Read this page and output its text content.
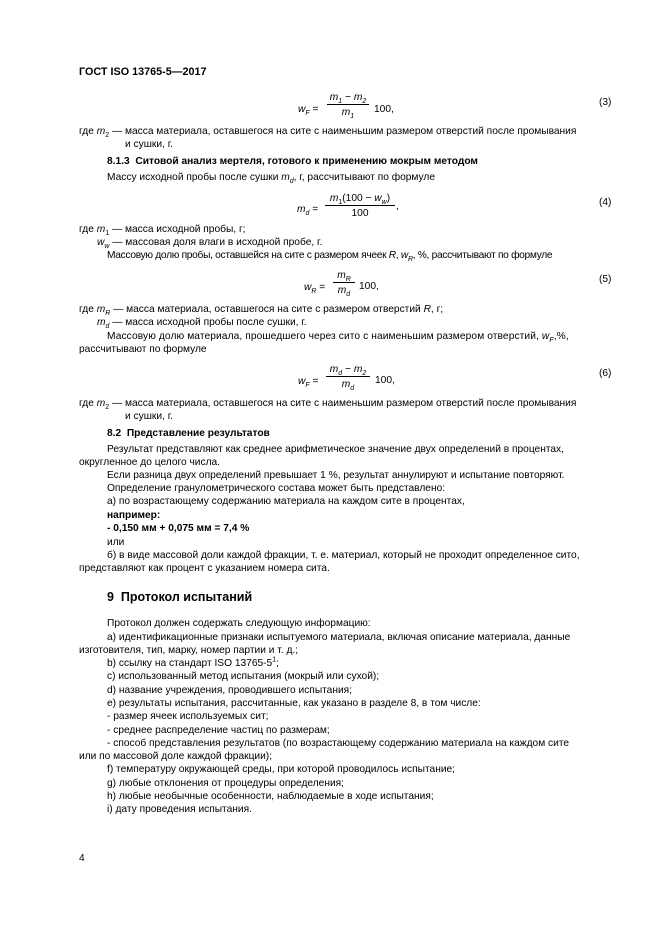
ГОСТ ISO 13765-5—2017
$w_F$ =
$m_1 - m_2$
$m_1$
100,
(3)
где $m_2$ — масса материала, оставшегося на сите с наименьшим размером отверстий после промывания
и сушки, г.
8.1.3 Ситовой анализ мертеля, готового к применению мокрым методом
Массу исходной пробы после сушки $m_d$, г, рассчитывают по формуле
$m_d$ =
$m_1(100 - w_w)$
100
,	(4)
где $m_1$ — масса исходной пробы, г;
$w_w$ — массовая доля влаги в исходной пробе, г.
Массовую долю пробы, оставшейся на сите с размером ячеек R, $w_R$, %, рассчитывают по формуле
$w_R$ =
$m_R$
$m_d$
100,
(5)
где $m_R$ — масса материала, оставшегося на сите с размером отверстий R, г;
$m_d$ — масса исходной пробы после сушки, г.
Массовую долю материала, прошедшего через сито с наименьшим размером отверстий, $w_F,\%$,
рассчитывают по формуле
$w_F$ =
$m_d - m_2$
$m_d$
100,
(6)
где $m_2$ — масса материала, оставшегося на сите с наименьшим размером отверстий после промывания
и сушки, г.
8.2 Представление результатов
Результат представляют как среднее арифметическое значение двух определений в процентах,
округленное до целого числа.
Если разница двух определений превышает 1 %, результат аннулируют и испытание повторяют.
Определение гранулометрического состава может быть представлено:
а) по возрастающему содержанию материала на каждом сите в процентах,
например:
- 0,150 мм + 0,075 мм = 7,4 %
или
б) в виде массовой доли каждой фракции, т. е. материал, который не проходит определенное сито,
представляют как процент с указанием номера сита.
9 Протокол испытаний
Протокол должен содержать следующую информацию:
а) идентификационные признаки испытуемого материала, включая описание материала, данные
изготовителя, тип, марку, номер партии и т. д.;
b) ссылку на стандарт ISO $13765-5^1$;
с) использованный метод испытания (мокрый или сухой);
d) название учреждения, проводившего испытания;
е) результаты испытания, рассчитанные, как указано в разделе 8, в том числе:
- размер ячеек используемых сит;
- среднее распределение частиц по размерам;
- способ представления результатов (по возрастающему содержанию материала на каждом сите
или по массовой доле каждой фракции);
f) температуру окружающей среды, при которой проводилось испытание;
g) любые отклонения от процедуры определения;
h) любые необычные особенности, наблюдаемые в ходе испытания;
i) дату проведения испытания.
4
